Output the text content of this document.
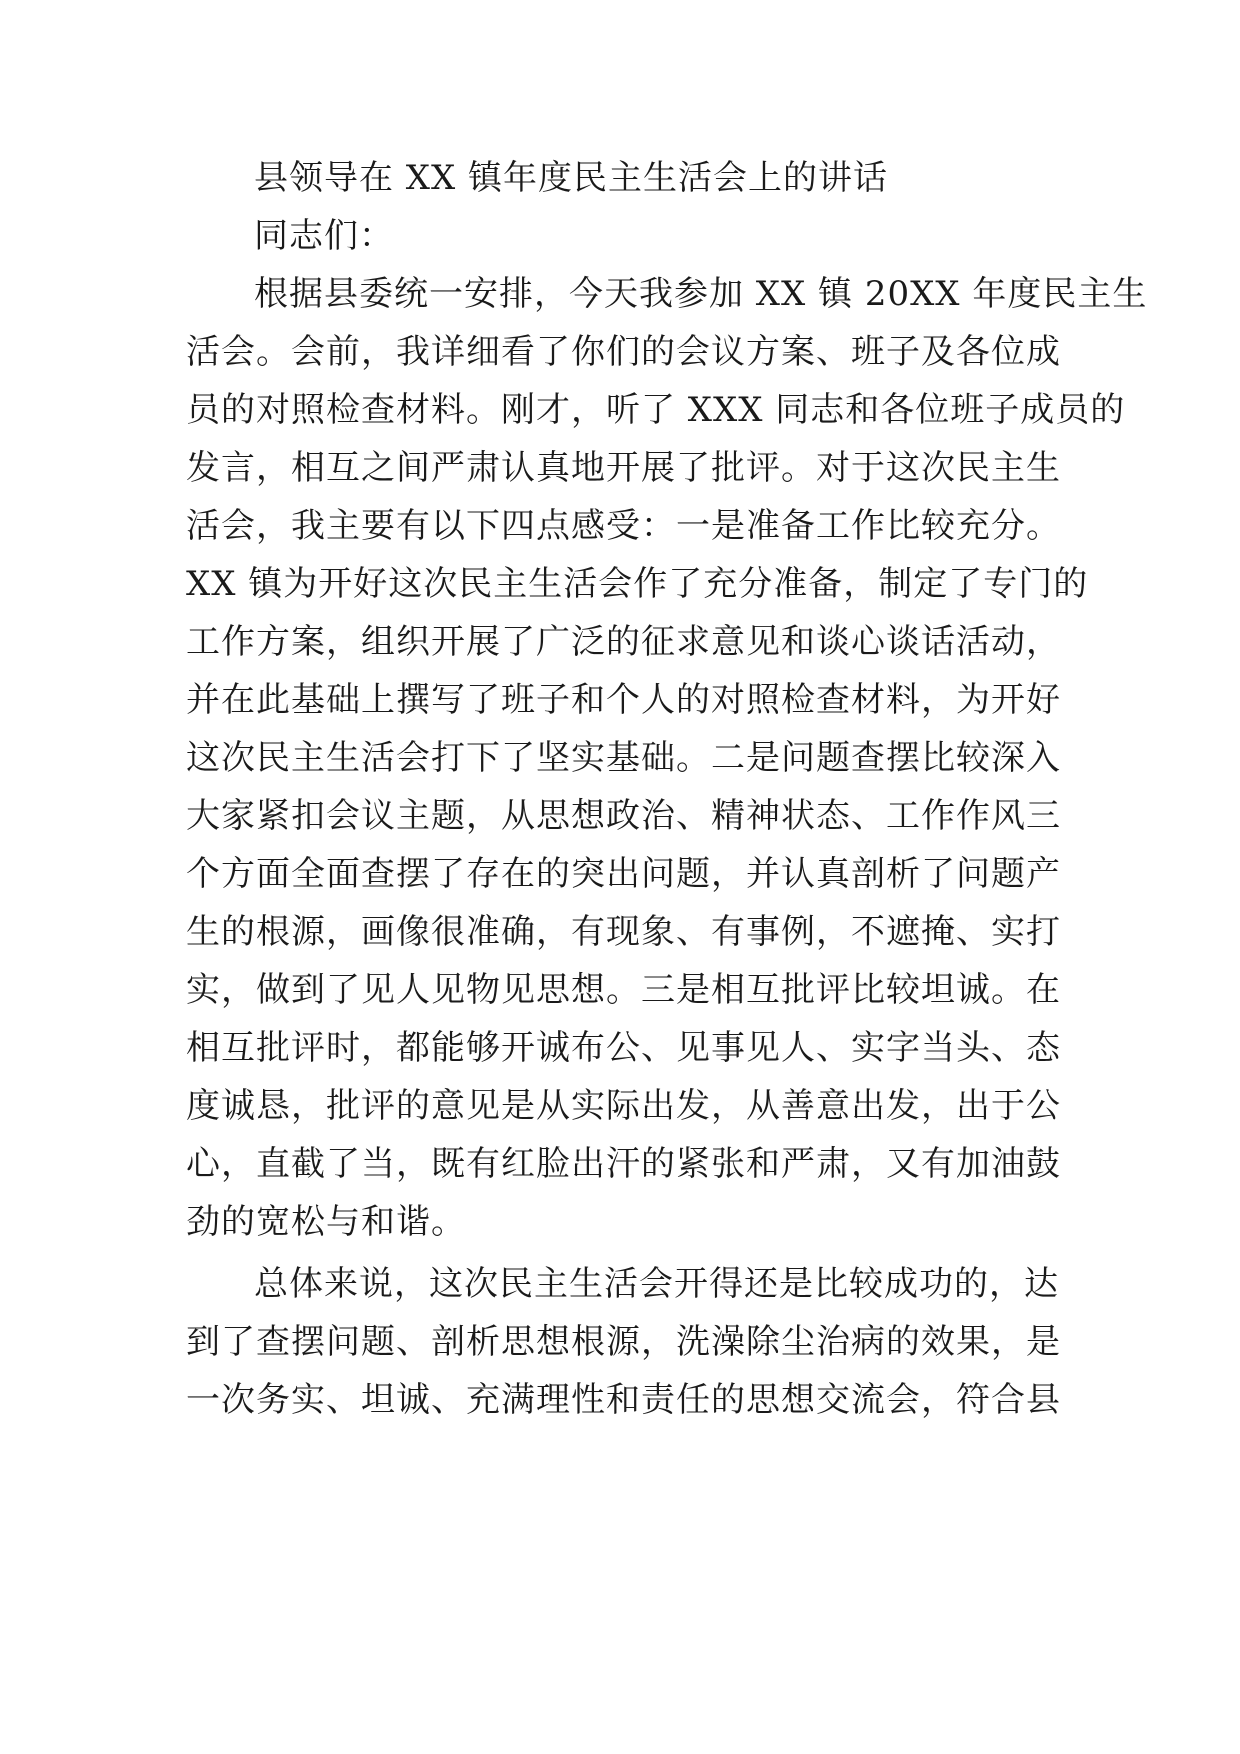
县领导在 XX 镇年度民主生活会上的讲话
同志们：
根据县委统一安排，今天我参加 XX 镇 20XX 年度民主生
活会。会前，我详细看了你们的会议方案、班子及各位成
员的对照检查材料。刚才，听了 XXX 同志和各位班子成员的
发言，相互之间严肃认真地开展了批评。对于这次民主生
活会，我主要有以下四点感受：一是准备工作比较充分。
XX 镇为开好这次民主生活会作了充分准备，制定了专门的
工作方案，组织开展了广泛的征求意见和谈心谈话活动，
并在此基础上撰写了班子和个人的对照检查材料，为开好
这次民主生活会打下了坚实基础。二是问题查摆比较深入
大家紧扣会议主题，从思想政治、精神状态、工作作风三
个方面全面查摆了存在的突出问题，并认真剖析了问题产
生的根源，画像很准确，有现象、有事例，不遮掩、实打
实，做到了见人见物见思想。三是相互批评比较坦诚。在
相互批评时，都能够开诚布公、见事见人、实字当头、态
度诚恳，批评的意见是从实际出发，从善意出发，出于公
心，直截了当，既有红脸出汗的紧张和严肃，又有加油鼓
劲的宽松与和谐。
总体来说，这次民主生活会开得还是比较成功的，达
到了查摆问题、剖析思想根源，洗澡除尘治病的效果，是
一次务实、坦诚、充满理性和责任的思想交流会，符合县
